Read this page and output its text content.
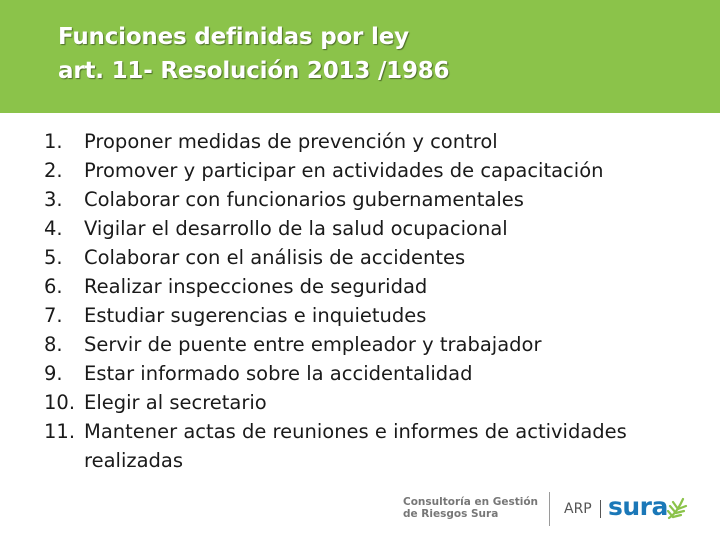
Funciones definidas por ley
art. 11- Resolución 2013 /1986
1.	Proponer medidas de prevención y control
2.	Promover y participar en actividades de capacitación
3.	Colaborar con funcionarios gubernamentales
4.	Vigilar el desarrollo de la salud ocupacional
5.	Colaborar con el análisis de accidentes
6.	Realizar inspecciones de seguridad
7.	Estudiar sugerencias e inquietudes
8.	Servir de puente entre empleador y trabajador
9.	Estar informado sobre la accidentalidad
10. Elegir al secretario
11. Mantener actas de reuniones e informes de actividades realizadas
Consultoría en Gestión
de Riesgos Sura	ARP sura
